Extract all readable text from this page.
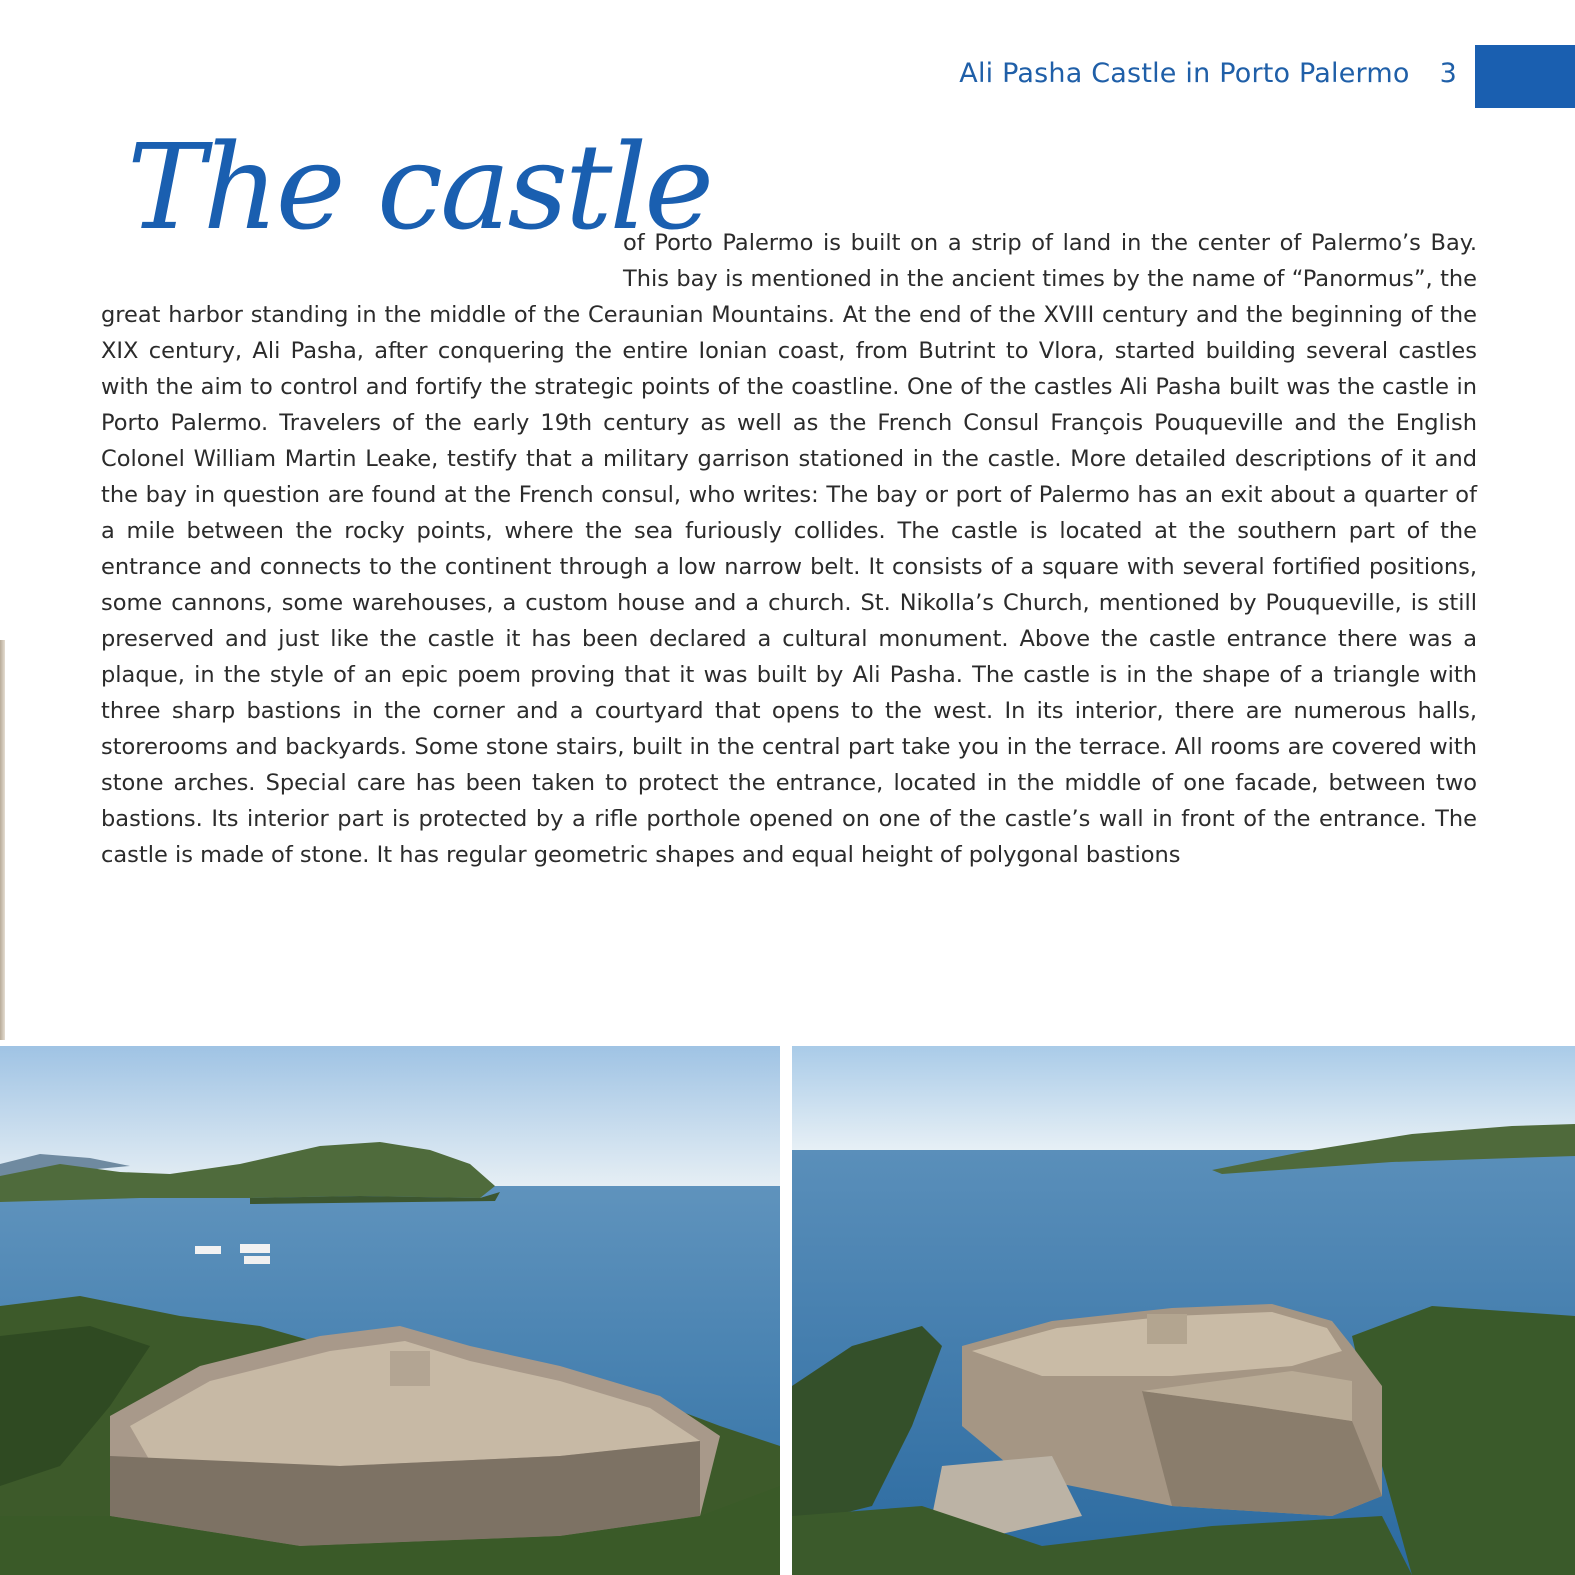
Ali Pasha Castle in Porto Palermo 3
The castle

of Porto Palermo is built on a strip of land in the center of Palermo’s Bay. This bay is mentioned in the ancient times by the name of “Panormus”, the great harbor standing in the middle of the Ceraunian Mountains. At the end of the XVIII century and the beginning of the XIX century, Ali Pasha, after conquering the entire Ionian coast, from Butrint to Vlora, started building several castles with the aim to control and fortify the strategic points of the coastline. One of the castles Ali Pasha built was the castle in Porto Palermo. Travelers of the early 19th century as well as the French Consul François Pouqueville and the English Colonel William Martin Leake, testify that a military garrison stationed in the castle. More detailed descriptions of it and the bay in question are found at the French consul, who writes: The bay or port of Palermo has an exit about a quarter of a mile between the rocky points, where the sea furiously collides. The castle is located at the southern part of the entrance and connects to the continent through a low narrow belt. It consists of a square with several fortified positions, some cannons, some warehouses, a custom house and a church. St. Nikolla’s Church, mentioned by Pouqueville, is still preserved and just like the castle it has been declared a cultural monument. Above the castle entrance there was a plaque, in the style of an epic poem proving that it was built by Ali Pasha. The castle is in the shape of a triangle with three sharp bastions in the corner and a courtyard that opens to the west. In its interior, there are numerous halls, storerooms and backyards. Some stone stairs, built in the central part take you in the terrace. All rooms are covered with stone arches. Special care has been taken to protect the entrance, located in the middle of one facade, between two bastions. Its interior part is protected by a rifle porthole opened on one of the castle’s wall in front of the entrance. The castle is made of stone. It has regular geometric shapes and equal height of polygonal bastions
